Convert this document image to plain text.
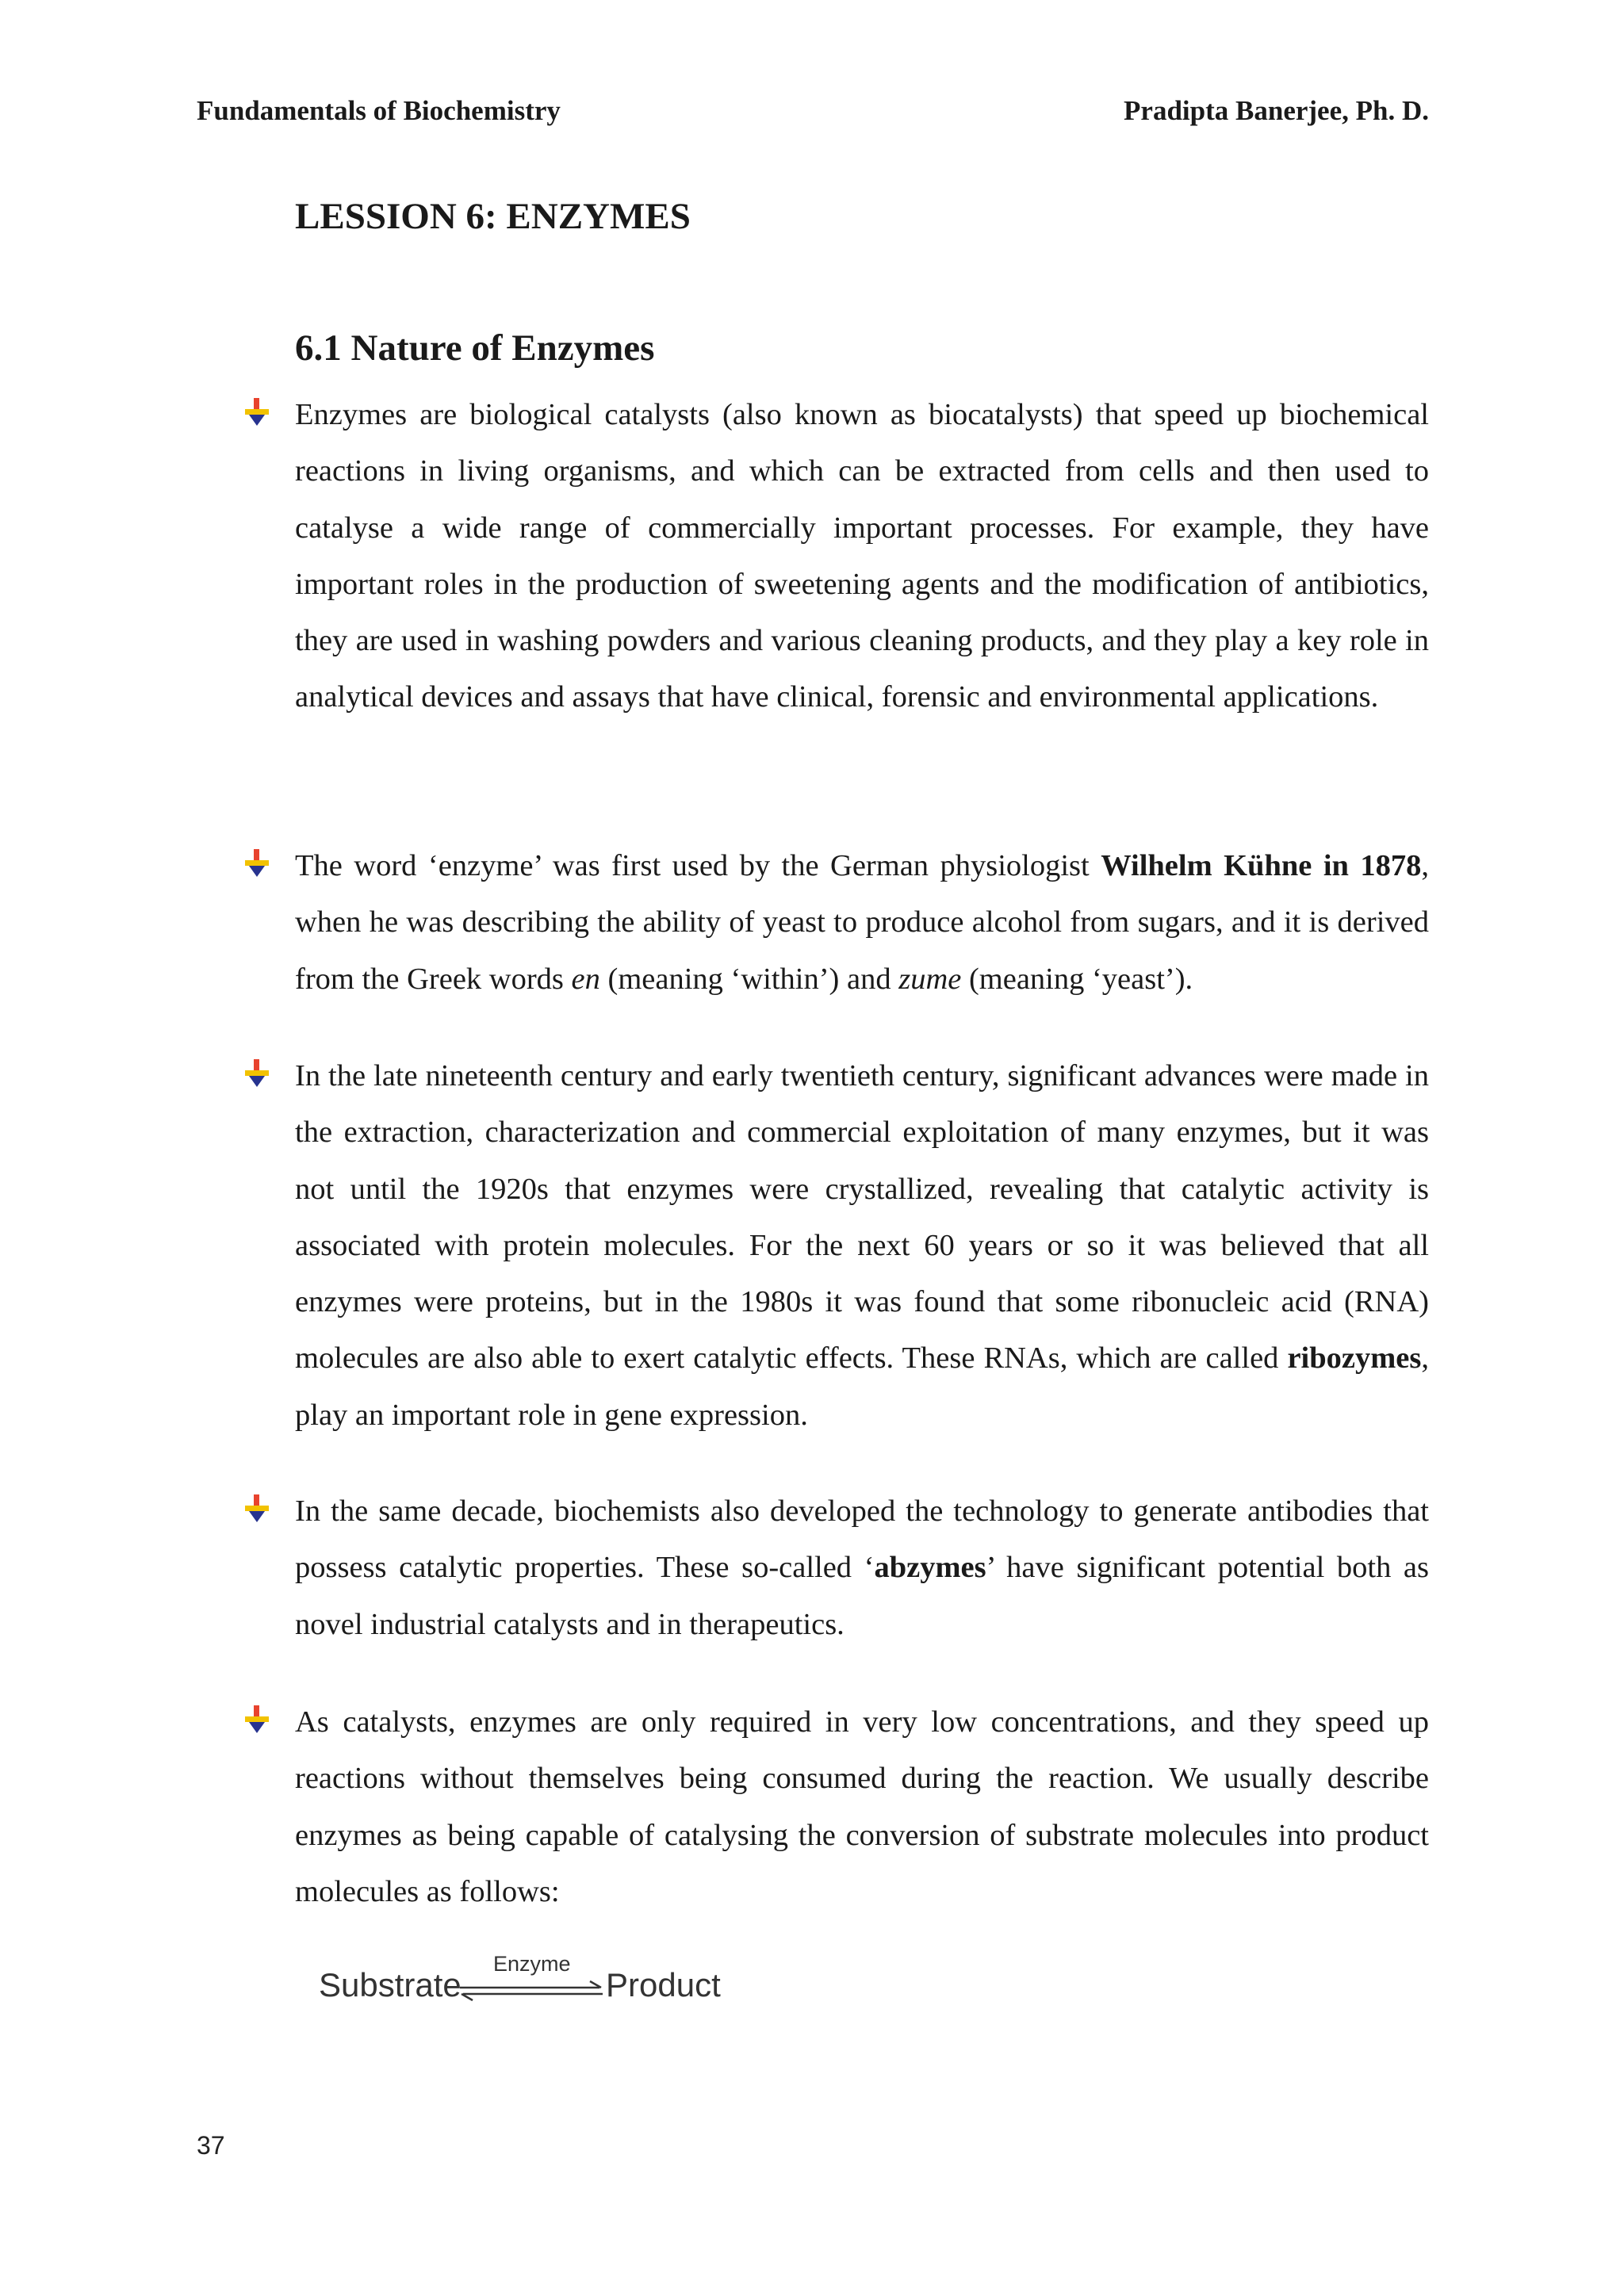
Fundamentals of Biochemistry	Pradipta Banerjee, Ph. D.
LESSION 6: ENZYMES
6.1 Nature of Enzymes
Enzymes are biological catalysts (also known as biocatalysts) that speed up biochemical reactions in living organisms, and which can be extracted from cells and then used to catalyse a wide range of commercially important processes. For example, they have important roles in the production of sweetening agents and the modification of antibiotics, they are used in washing powders and various cleaning products, and they play a key role in analytical devices and assays that have clinical, forensic and environmental applications.
The word ‘enzyme’ was first used by the German physiologist Wilhelm Kühne in 1878, when he was describing the ability of yeast to produce alcohol from sugars, and it is derived from the Greek words en (meaning ‘within’) and zume (meaning ‘yeast’).
In the late nineteenth century and early twentieth century, significant advances were made in the extraction, characterization and commercial exploitation of many enzymes, but it was not until the 1920s that enzymes were crystallized, revealing that catalytic activity is associated with protein molecules. For the next 60 years or so it was believed that all enzymes were proteins, but in the 1980s it was found that some ribonucleic acid (RNA) molecules are also able to exert catalytic effects. These RNAs, which are called ribozymes, play an important role in gene expression.
In the same decade, biochemists also developed the technology to generate antibodies that possess catalytic properties. These so-called ‘abzymes’ have significant potential both as novel industrial catalysts and in therapeutics.
As catalysts, enzymes are only required in very low concentrations, and they speed up reactions without themselves being consumed during the reaction. We usually describe enzymes as being capable of catalysing the conversion of substrate molecules into product molecules as follows:
Substrate
Enzyme
Product
37
